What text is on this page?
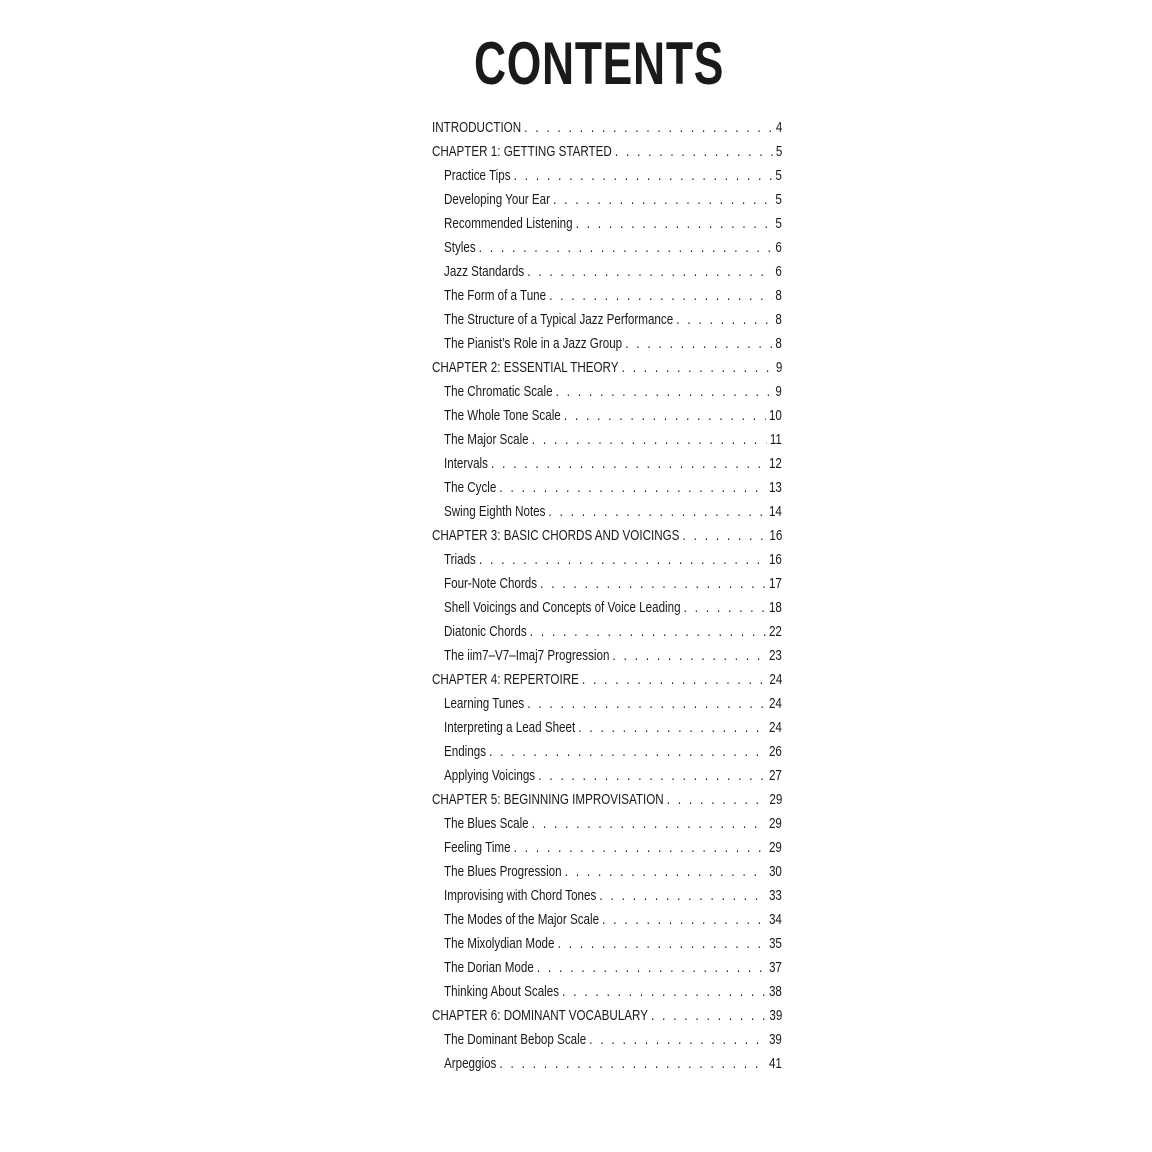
CONTENTS
INTRODUCTION . . .	4
CHAPTER 1: GETTING STARTED . . .	5
Practice Tips . . .	5
Developing Your Ear . . .	5
Recommended Listening . . .	5
Styles . . .	6
Jazz Standards . . .	6
The Form of a Tune . . .	8
The Structure of a Typical Jazz Performance . . .	8
The Pianist’s Role in a Jazz Group . . .	8
CHAPTER 2: ESSENTIAL THEORY . . .	9
The Chromatic Scale . . .	9
The Whole Tone Scale . . .	10
The Major Scale . . .	11
Intervals . . .	12
The Cycle . . .	13
Swing Eighth Notes . . .	14
CHAPTER 3: BASIC CHORDS AND VOICINGS . . .	16
Triads . . .	16
Four-Note Chords . . .	17
Shell Voicings and Concepts of Voice Leading . . .	18
Diatonic Chords . . .	22
The iim7–V7–Imaj7 Progression . . .	23
CHAPTER 4: REPERTOIRE . . .	24
Learning Tunes . . .	24
Interpreting a Lead Sheet . . .	24
Endings . . .	26
Applying Voicings . . .	27
CHAPTER 5: BEGINNING IMPROVISATION . . .	29
The Blues Scale . . .	29
Feeling Time . . .	29
The Blues Progression . . .	30
Improvising with Chord Tones . . .	33
The Modes of the Major Scale . . .	34
The Mixolydian Mode . . .	35
The Dorian Mode . . .	37
Thinking About Scales . . .	38
CHAPTER 6: DOMINANT VOCABULARY . . .	39
The Dominant Bebop Scale . . .	39
Arpeggios . . .	41
